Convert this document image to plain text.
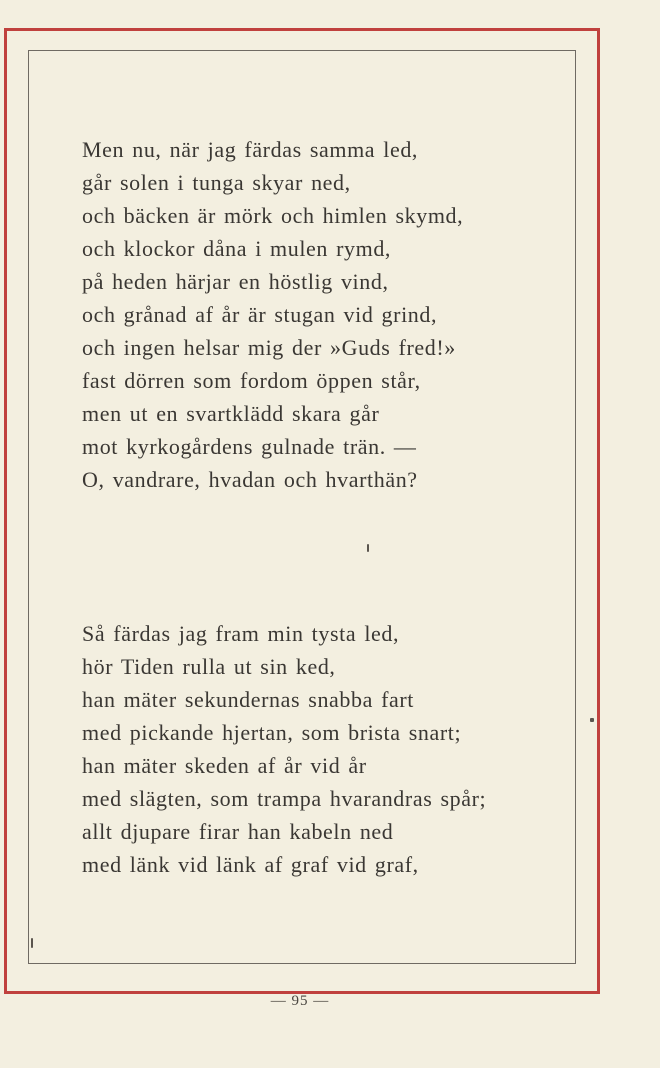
Men nu, när jag färdas samma led,
går solen i tunga skyar ned,
och bäcken är mörk och himlen skymd,
och klockor dåna i mulen rymd,
på heden härjar en höstlig vind,
och grånad af år är stugan vid grind,
och ingen helsar mig der »Guds fred!»
fast dörren som fordom öppen står,
men ut en svartklädd skara går
mot kyrkogårdens gulnade trän. —
O, vandrare, hvadan och hvarthän?
Så färdas jag fram min tysta led,
hör Tiden rulla ut sin ked,
han mäter sekundernas snabba fart
med pickande hjertan, som brista snart;
han mäter skeden af år vid år
med slägten, som trampa hvarandras spår;
allt djupare firar han kabeln ned
med länk vid länk af graf vid graf,
— 95 —
